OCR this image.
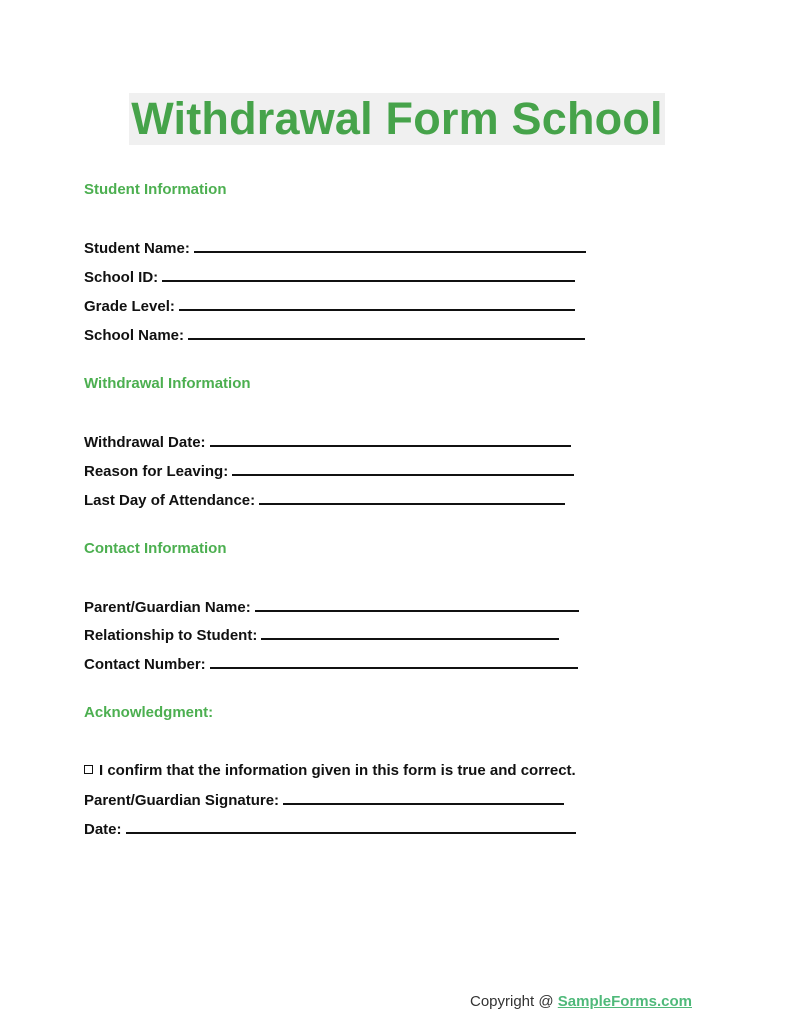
Withdrawal Form School
Student Information
Student Name:
School ID:
Grade Level:
School Name:
Withdrawal Information
Withdrawal Date:
Reason for Leaving:
Last Day of Attendance:
Contact Information
Parent/Guardian Name:
Relationship to Student:
Contact Number:
Acknowledgment:
I confirm that the information given in this form is true and correct.
Parent/Guardian Signature:
Date:
Copyright @ SampleForms.com
